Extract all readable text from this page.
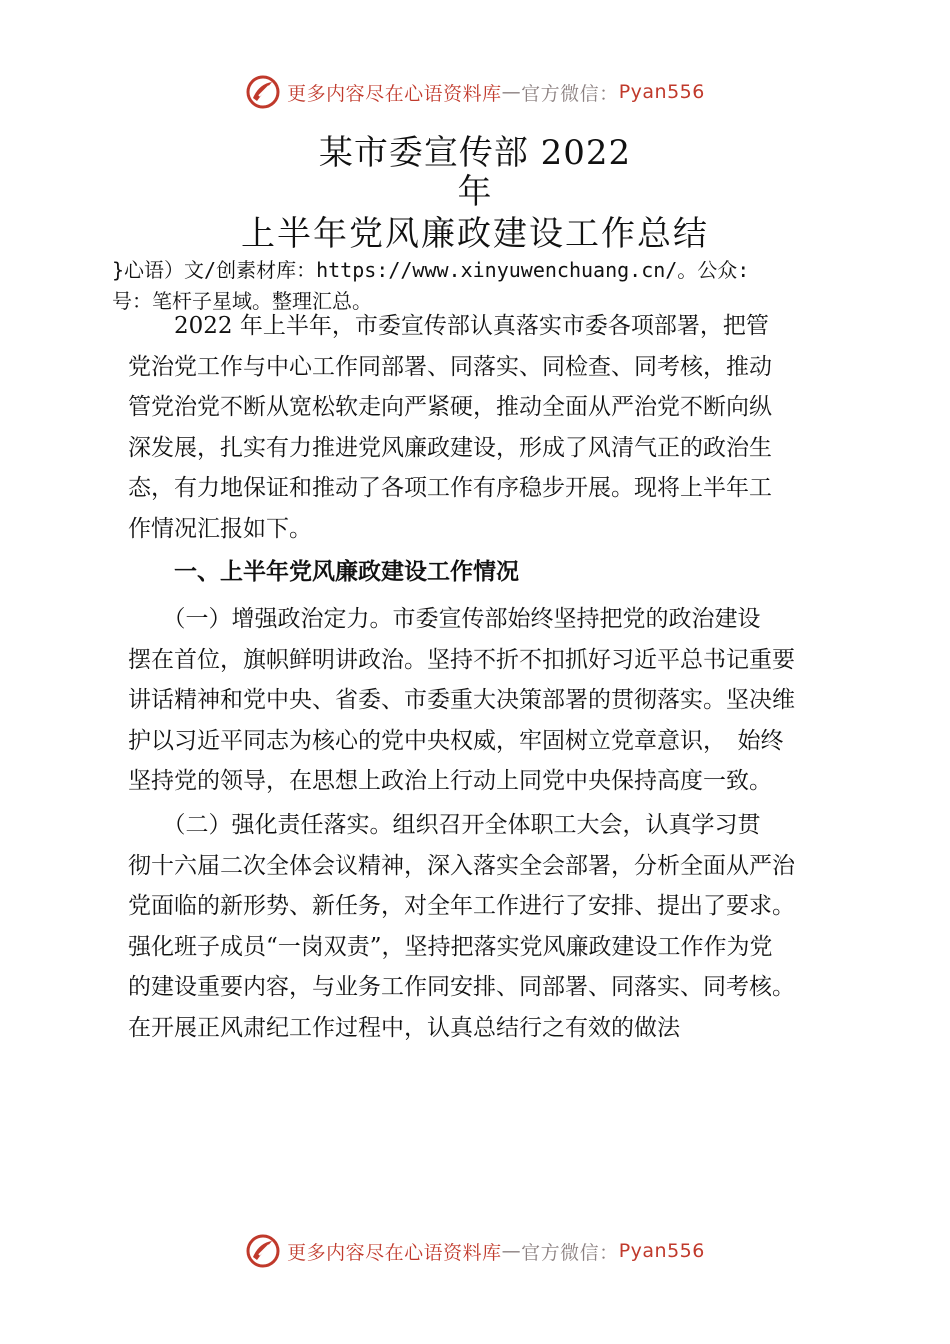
更多内容尽在心语资料库 — 官方微信： Pyan556
某市委宣传部 2022
年
上半年党风廉政建设工作总结
}心语）文/创素材库：https://www.xinyuwenchuang.cn/。公众:
号：笔杆子星域。整理汇总。
　　2022 年上半年，市委宣传部认真落实市委各项部署，把管
党治党工作与中心工作同部署、同落实、同检查、同考核，推动
管党治党不断从宽松软走向严紧硬，推动全面从严治党不断向纵
深发展，扎实有力推进党风廉政建设，形成了风清气正的政治生
态，有力地保证和推动了各项工作有序稳步开展。现将上半年工
作情况汇报如下。
　　一、上半年党风廉政建设工作情况
　　（一）增强政治定力。市委宣传部始终坚持把党的政治建设
摆在首位，旗帜鲜明讲政治。坚持不折不扣抓好习近平总书记重要
讲话精神和党中央、省委、市委重大决策部署的贯彻落实。坚决维
护以习近平同志为核心的党中央权威，牢固树立党章意识，　始终
坚持党的领导，在思想上政治上行动上同党中央保持高度一致。
　　（二）强化责任落实。组织召开全体职工大会，认真学习贯
彻十六届二次全体会议精神，深入落实全会部署，分析全面从严治
党面临的新形势、新任务，对全年工作进行了安排、提出了要求。
强化班子成员“一岗双责”，坚持把落实党风廉政建设工作作为党
的建设重要内容，与业务工作同安排、同部署、同落实、同考核。
在开展正风肃纪工作过程中，认真总结行之有效的做法
更多内容尽在心语资料库 — 官方微信： Pyan556
